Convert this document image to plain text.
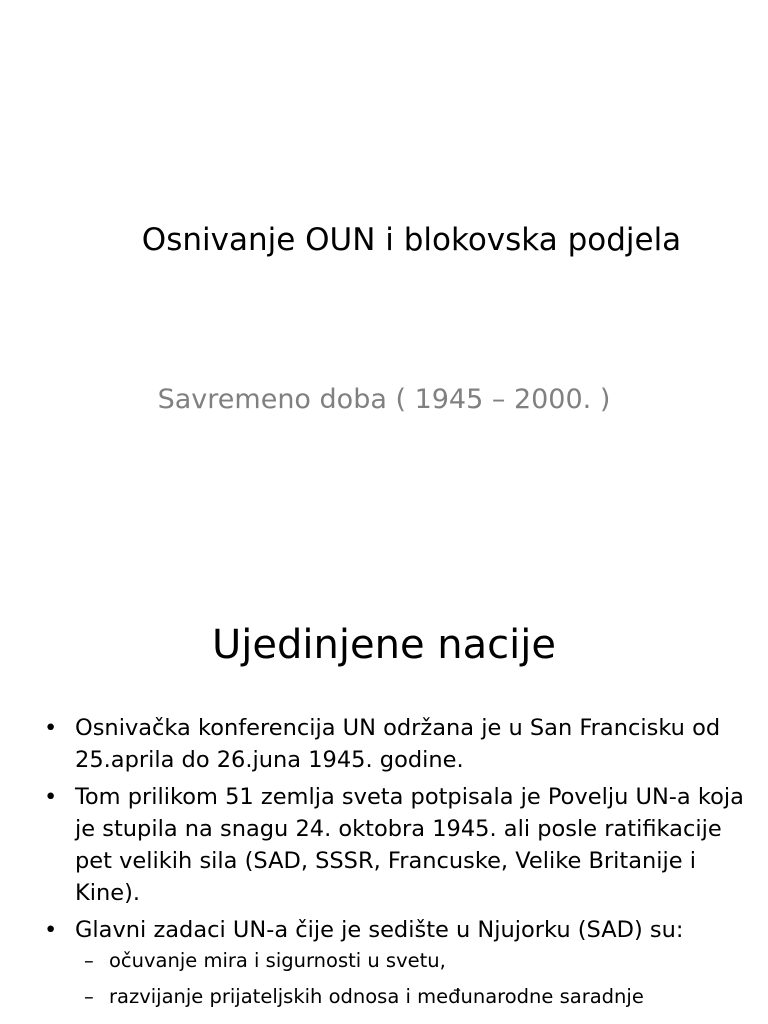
Osnivanje OUN i blokovska podjela

Savremeno doba ( 1945 – 2000. )

Ujedinjene nacije
• Osnivačka konferencija UN održana je u San Francisku od 25.aprila do 26.juna 1945. godine.
• Tom prilikom 51 zemlja sveta potpisala je Povelju UN-a koja je stupila na snagu 24. oktobra 1945. ali posle ratifikacije pet velikih sila (SAD, SSSR, Francuske, Velike Britanije i Kine).
• Glavni zadaci UN-a čije je sedište u Njujorku (SAD) su:
– očuvanje mira i sigurnosti u svetu,
– razvijanje prijateljskih odnosa i međunarodne saradnje
